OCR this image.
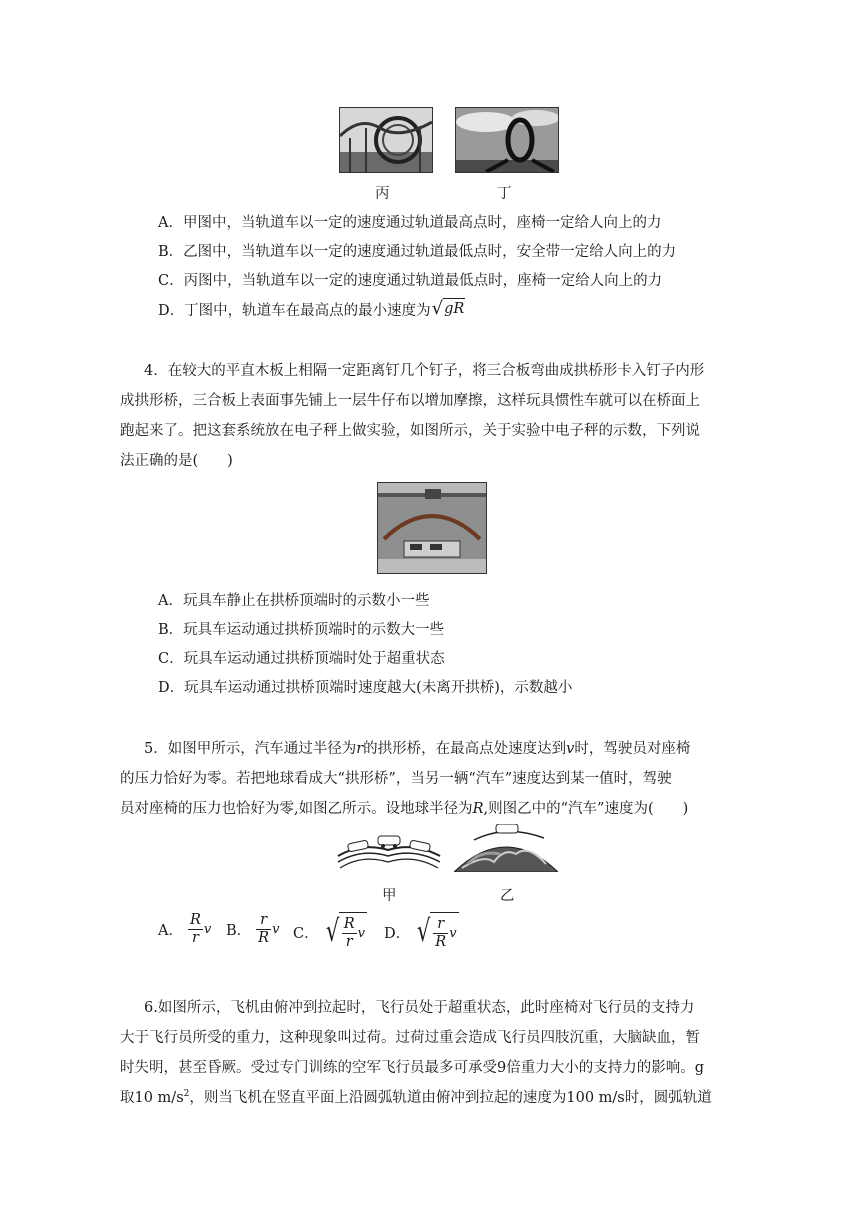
丙	丁
A．甲图中，当轨道车以一定的速度通过轨道最高点时，座椅一定给人向上的力
B．乙图中，当轨道车以一定的速度通过轨道最低点时，安全带一定给人向上的力
C．丙图中，当轨道车以一定的速度通过轨道最低点时，座椅一定给人向上的力
D．丁图中，轨道车在最高点的最小速度为 √ gR
4．在较大的平直木板上相隔一定距离钉几个钉子，将三合板弯曲成拱桥形卡入钉子内形
成拱形桥，三合板上表面事先铺上一层牛仔布以增加摩擦，这样玩具惯性车就可以在桥面上
跑起来了。把这套系统放在电子秤上做实验，如图所示，关于实验中电子秤的示数，下列说
法正确的是(　　)
A．玩具车静止在拱桥顶端时的示数小一些
B．玩具车运动通过拱桥顶端时的示数大一些
C．玩具车运动通过拱桥顶端时处于超重状态
D．玩具车运动通过拱桥顶端时速度越大(未离开拱桥)，示数越小
5．如图甲所示，汽车通过半径为r的拱形桥，在最高点处速度达到v时，驾驶员对座椅
的压力恰好为零。若把地球看成大“拱形桥”，当另一辆“汽车”速度达到某一值时，驾驶
员对座椅的压力也恰好为零,如图乙所示。设地球半径为R,则图乙中的“汽车”速度为(　　)
甲	乙
A． $\frac{R}{r}$ v B． $\frac{r}{R}$ v C． √ $\frac{R}{r}$ v D． √ $\frac{r}{R}$ v
6.如图所示，飞机由俯冲到拉起时，飞行员处于超重状态，此时座椅对飞行员的支持力
大于飞行员所受的重力，这种现象叫过荷。过荷过重会造成飞行员四肢沉重，大脑缺血，暂
时失明，甚至昏厥。受过专门训练的空军飞行员最多可承受9倍重力大小的支持力的影响。g
取10 $m/s^2$，则当飞机在竖直平面上沿圆弧轨道由俯冲到拉起的速度为100 m/s时，圆弧轨道
